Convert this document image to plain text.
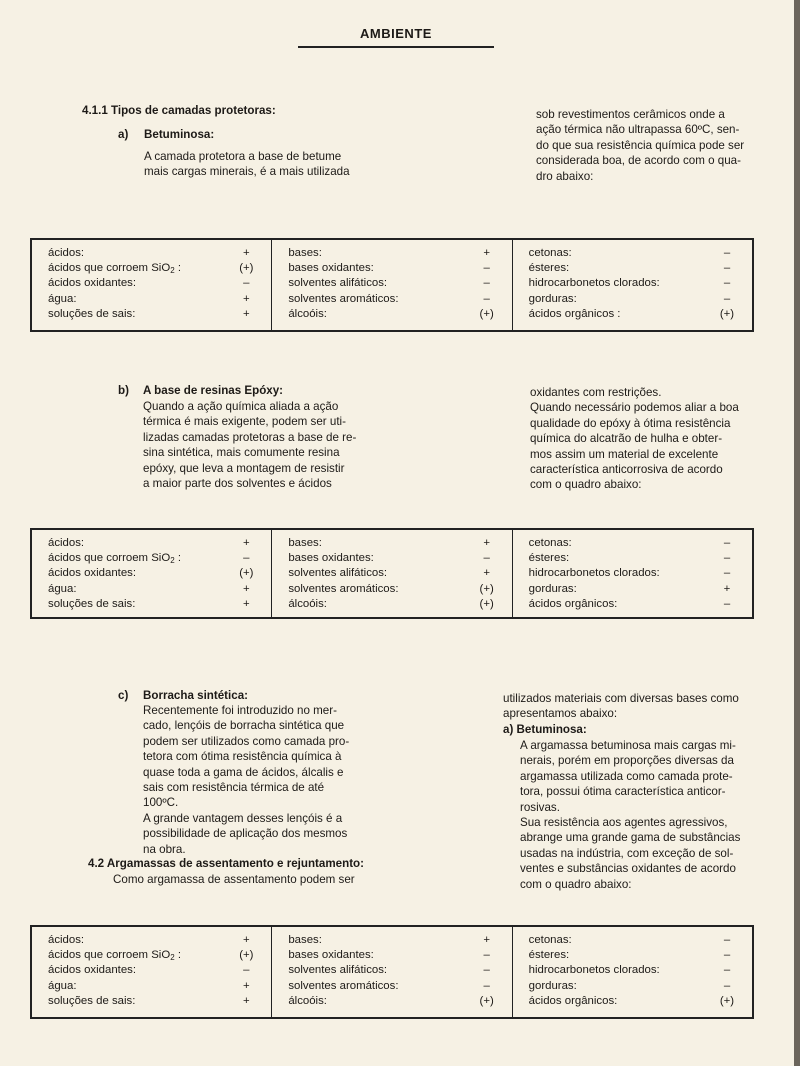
AMBIENTE
4.1.1 Tipos de camadas protetoras:
a) Betuminosa:

A camada protetora a base de betume

mais cargas minerais, é a mais utilizada

sob revestimentos cerâmicos onde a

ação térmica não ultrapassa 60ºC, sen-

do que sua resistência química pode ser

considerada boa, de acordo com o qua-

dro abaixo:

ácidos:	+
ácidos que corroem SiO$_2$ :	(+)
ácidos oxidantes:	–
água:	+
soluções de sais:	+
bases:	+
bases oxidantes:	–
solventes alifáticos:	–
solventes aromáticos:	–
álcoóis:	(+)
cetonas:	–
ésteres:	–
hidrocarbonetos clorados:	–
gorduras:	–
ácidos orgânicos :	(+)
b) A base de resinas Epóxy:

Quando a ação química aliada a ação

térmica é mais exigente, podem ser uti-

lizadas camadas protetoras a base de re-

sina sintética, mais comumente resina

epóxy, que leva a montagem de resistir

a maior parte dos solventes e ácidos

oxidantes com restrições.

Quando necessário podemos aliar a boa

qualidade do epóxy à ótima resistência

química do alcatrão de hulha e obter-

mos assim um material de excelente

característica anticorrosiva de acordo

com o quadro abaixo:

ácidos:	+
ácidos que corroem SiO$_2$ :	–
ácidos oxidantes:	(+)
água:	+
soluções de sais:	+
bases:	+
bases oxidantes:	–
solventes alifáticos:	+
solventes aromáticos:	(+)
álcoóis:	(+)
cetonas:	–
ésteres:	–
hidrocarbonetos clorados:	–
gorduras:	+
ácidos orgânicos:	–
c) Borracha sintética:

Recentemente foi introduzido no mer-

cado, lençóis de borracha sintética que

podem ser utilizados como camada pro-

tetora com ótima resistência química à

quase toda a gama de ácidos, álcalis e

sais com resistência térmica de até

100ºC.

A grande vantagem desses lençóis é a

possibilidade de aplicação dos mesmos

na obra.

4.2 Argamassas de assentamento e rejuntamento:
Como argamassa de assentamento podem ser

utilizados materiais com diversas bases como

apresentamos abaixo:

a) Betuminosa:

A argamassa betuminosa mais cargas mi-

nerais, porém em proporções diversas da

argamassa utilizada como camada prote-

tora, possui ótima característica anticor-

rosivas.

Sua resistência aos agentes agressivos,

abrange uma grande gama de substâncias

usadas na indústria, com exceção de sol-

ventes e substâncias oxidantes de acordo

com o quadro abaixo:

ácidos:	+
ácidos que corroem SiO$_2$ :	(+)
ácidos oxidantes:	–
água:	+
soluções de sais:	+
bases:	+
bases oxidantes:	–
solventes alifáticos:	–
solventes aromáticos:	–
álcoóis:	(+)
cetonas:	–
ésteres:	–
hidrocarbonetos clorados:	–
gorduras:	–
ácidos orgânicos:	(+)
